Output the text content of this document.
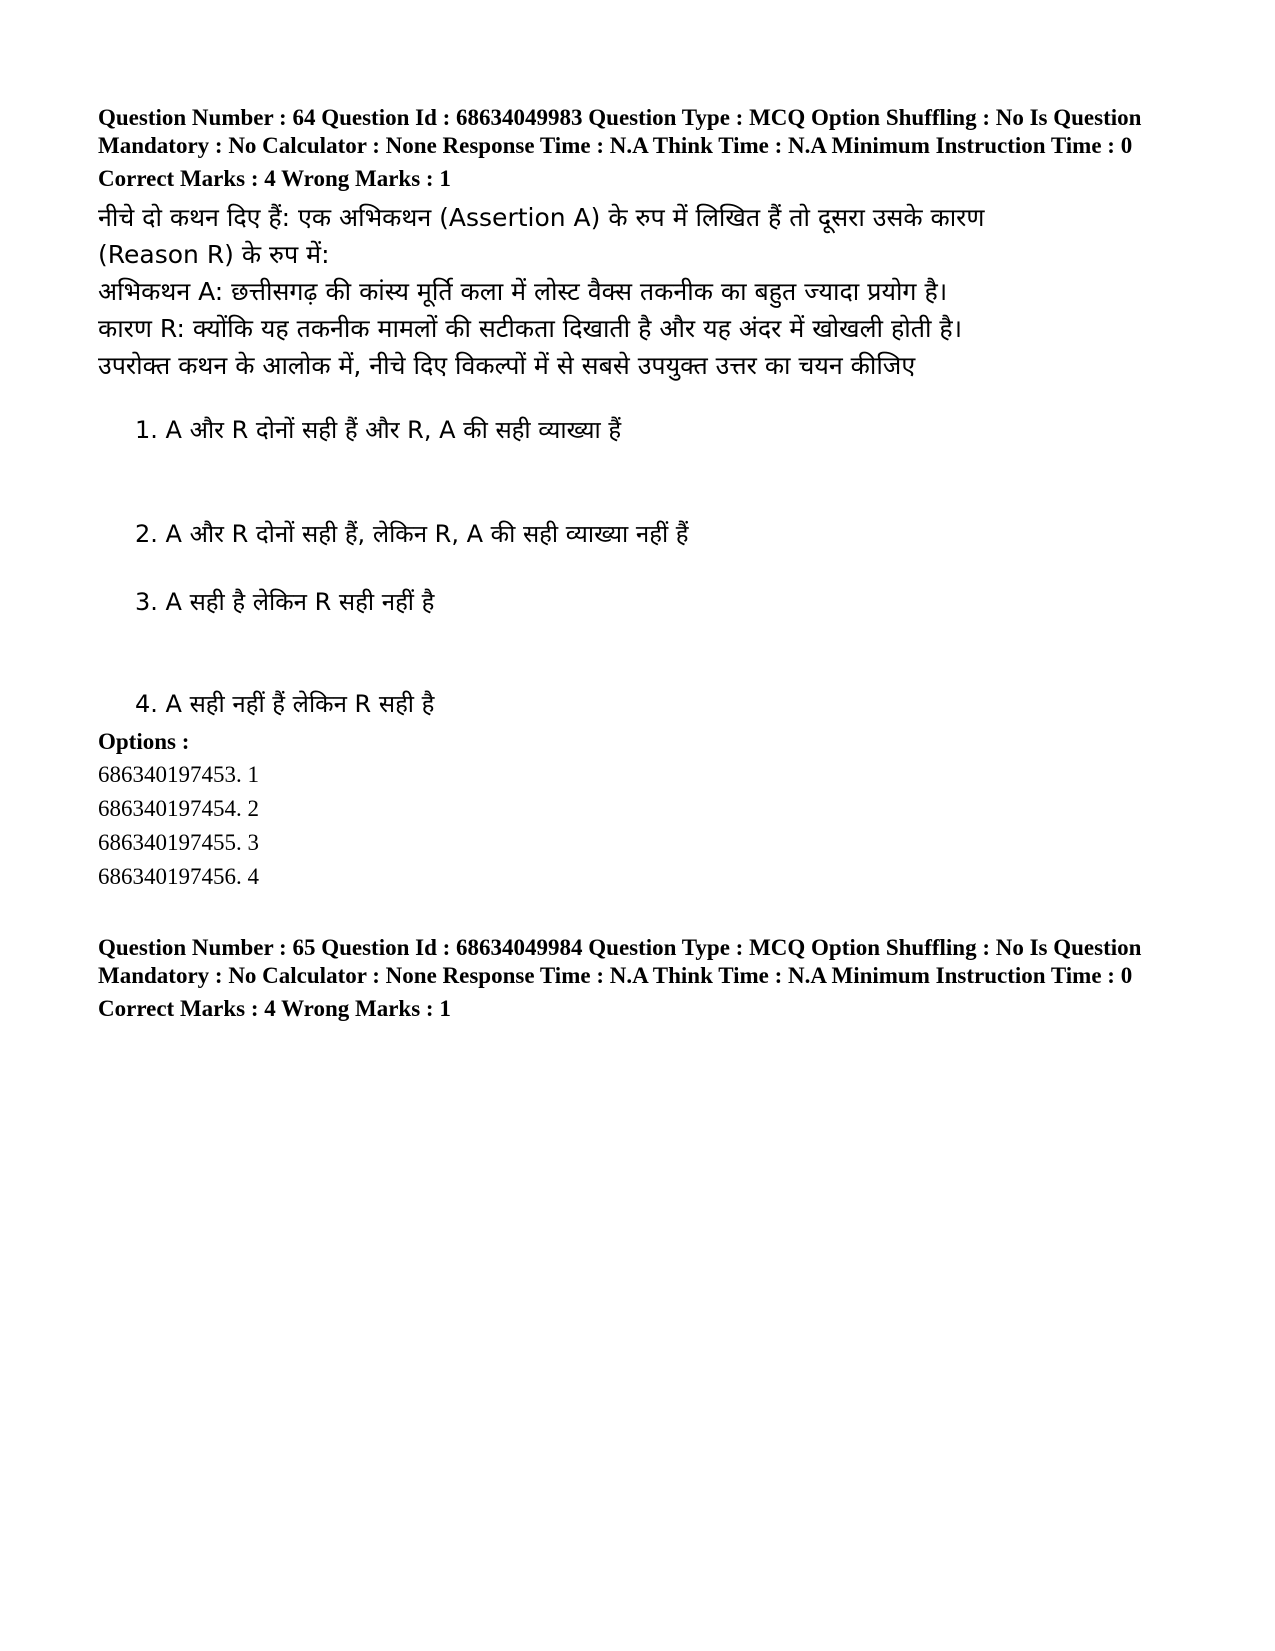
Question Number : 64 Question Id : 68634049983 Question Type : MCQ Option Shuffling : No Is Question Mandatory : No Calculator : None Response Time : N.A Think Time : N.A Minimum Instruction Time : 0
Correct Marks : 4 Wrong Marks : 1

नीचे दो कथन दिए हैं: एक अभिकथन (Assertion A) के रुप में लिखित हैं तो दूसरा उसके कारण (Reason R) के रुप में:

अभिकथन A: छत्तीसगढ़ की कांस्य मूर्ति कला में लोस्ट वैक्स तकनीक का बहुत ज्यादा प्रयोग है।

कारण R: क्योंकि यह तकनीक मामलों की सटीकता दिखाती है और यह अंदर में खोखली होती है।

उपरोक्त कथन के आलोक में, नीचे दिए विकल्पों में से सबसे उपयुक्त उत्तर का चयन कीजिए

1. A और R दोनों सही हैं और R, A की सही व्याख्या हैं
2. A और R दोनों सही हैं, लेकिन R, A की सही व्याख्या नहीं हैं
3. A सही है लेकिन R सही नहीं है
4. A सही नहीं हैं लेकिन R सही है
Options :
686340197453. 1
686340197454. 2
686340197455. 3
686340197456. 4
Question Number : 65 Question Id : 68634049984 Question Type : MCQ Option Shuffling : No Is Question Mandatory : No Calculator : None Response Time : N.A Think Time : N.A Minimum Instruction Time : 0
Correct Marks : 4 Wrong Marks : 1
